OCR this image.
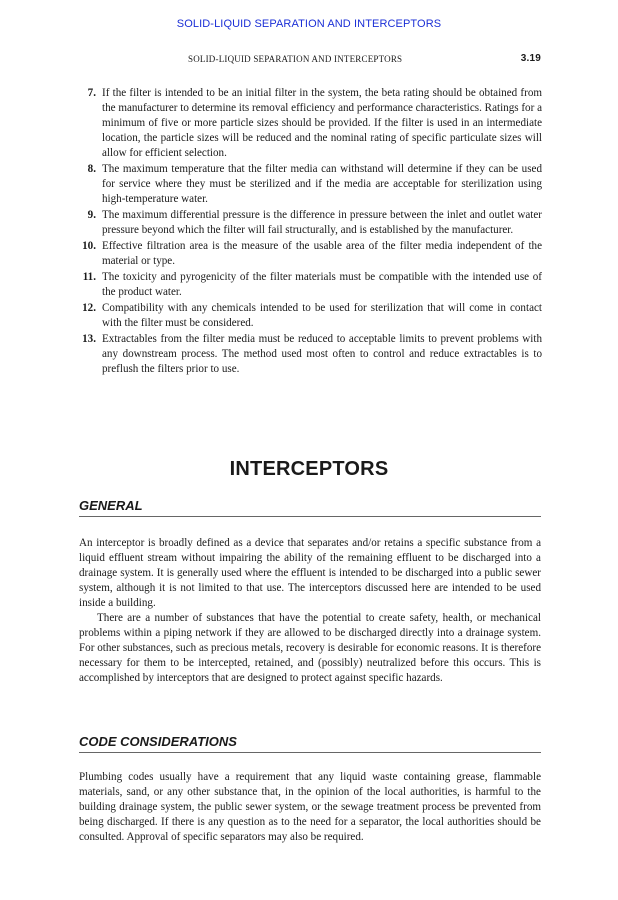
SOLID-LIQUID SEPARATION AND INTERCEPTORS
SOLID-LIQUID SEPARATION AND INTERCEPTORS	3.19
7. If the filter is intended to be an initial filter in the system, the beta rating should be obtained from the manufacturer to determine its removal efficiency and performance characteristics. Ratings for a minimum of five or more particle sizes should be provided. If the filter is used in an intermediate location, the particle sizes will be reduced and the nominal rating of specific particulate sizes will allow for efficient selection.
8. The maximum temperature that the filter media can withstand will determine if they can be used for service where they must be sterilized and if the media are acceptable for sterilization using high-temperature water.
9. The maximum differential pressure is the difference in pressure between the inlet and outlet water pressure beyond which the filter will fail structurally, and is established by the manufacturer.
10. Effective filtration area is the measure of the usable area of the filter media independent of the material or type.
11. The toxicity and pyrogenicity of the filter materials must be compatible with the intended use of the product water.
12. Compatibility with any chemicals intended to be used for sterilization that will come in contact with the filter must be considered.
13. Extractables from the filter media must be reduced to acceptable limits to prevent problems with any downstream process. The method used most often to control and reduce extractables is to preflush the filters prior to use.
INTERCEPTORS
GENERAL

An interceptor is broadly defined as a device that separates and/or retains a specific substance from a liquid effluent stream without impairing the ability of the remaining effluent to be discharged into a drainage system. It is generally used where the effluent is intended to be discharged into a public sewer system, although it is not limited to that use. The interceptors discussed here are intended to be used inside a building.

There are a number of substances that have the potential to create safety, health, or mechanical problems within a piping network if they are allowed to be discharged directly into a drainage system. For other substances, such as precious metals, recovery is desirable for economic reasons. It is therefore necessary for them to be intercepted, retained, and (possibly) neutralized before this occurs. This is accomplished by interceptors that are designed to protect against specific hazards.

CODE CONSIDERATIONS

Plumbing codes usually have a requirement that any liquid waste containing grease, flammable materials, sand, or any other substance that, in the opinion of the local authorities, is harmful to the building drainage system, the public sewer system, or the sewage treatment process be prevented from being discharged. If there is any question as to the need for a separator, the local authorities should be consulted. Approval of specific separators may also be required.
